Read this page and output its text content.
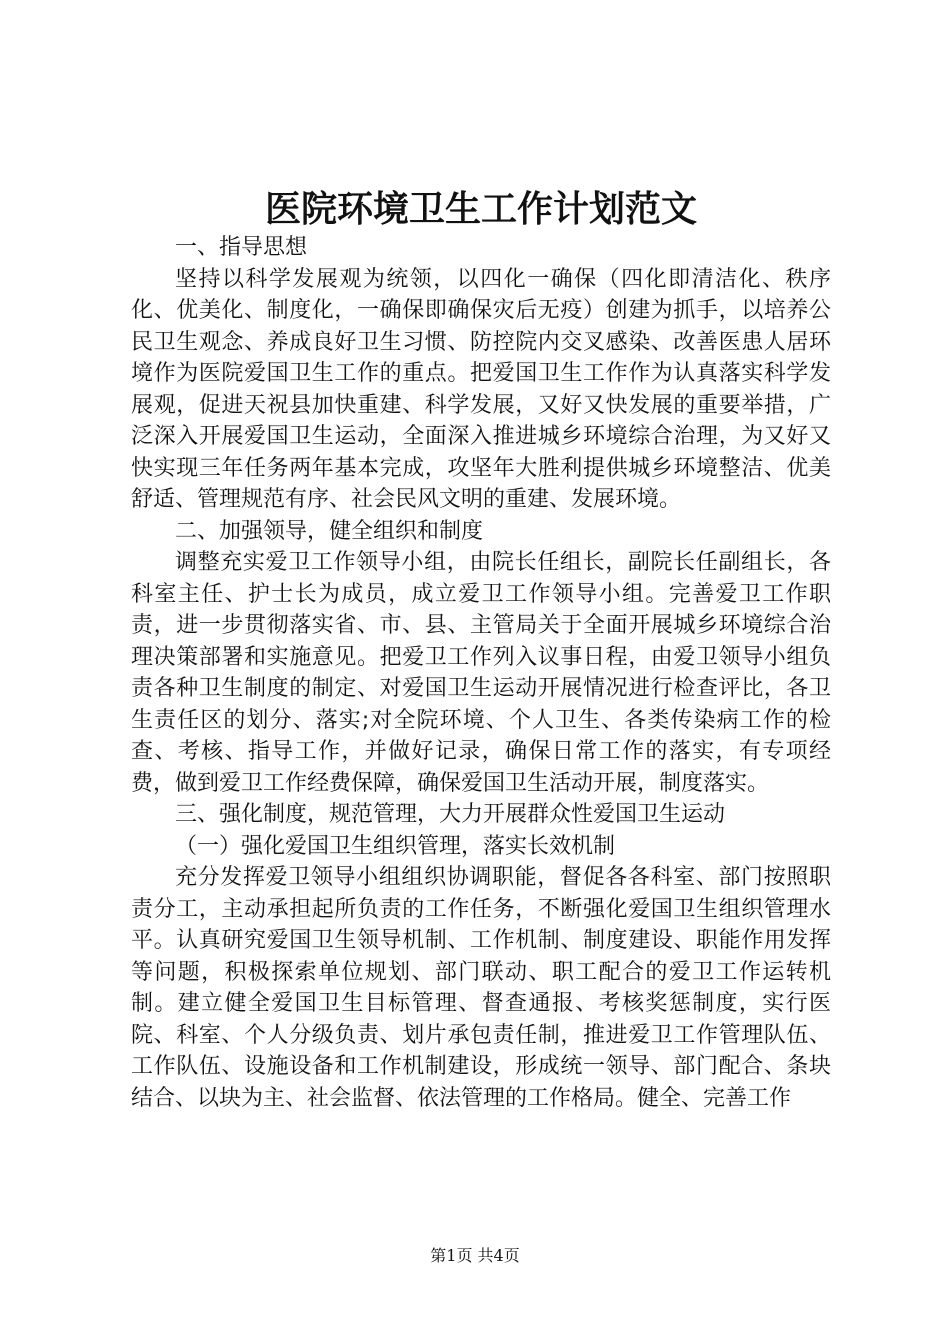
医院环境卫生工作计划范文

一、指导思想

坚持以科学发展观为统领，以四化一确保（四化即清洁化、秩序化、优美化、制度化，一确保即确保灾后无疫）创建为抓手，以培养公民卫生观念、养成良好卫生习惯、防控院内交叉感染、改善医患人居环境作为医院爱国卫生工作的重点。把爱国卫生工作作为认真落实科学发展观，促进天祝县加快重建、科学发展，又好又快发展的重要举措，广泛深入开展爱国卫生运动，全面深入推进城乡环境综合治理，为又好又快实现三年任务两年基本完成，攻坚年大胜利提供城乡环境整洁、优美舒适、管理规范有序、社会民风文明的重建、发展环境。

二、加强领导，健全组织和制度

调整充实爱卫工作领导小组，由院长任组长，副院长任副组长，各科室主任、护士长为成员，成立爱卫工作领导小组。完善爱卫工作职责，进一步贯彻落实省、市、县、主管局关于全面开展城乡环境综合治理决策部署和实施意见。把爱卫工作列入议事日程，由爱卫领导小组负责各种卫生制度的制定、对爱国卫生运动开展情况进行检查评比，各卫生责任区的划分、落实;对全院环境、个人卫生、各类传染病工作的检查、考核、指导工作，并做好记录，确保日常工作的落实，有专项经费，做到爱卫工作经费保障，确保爱国卫生活动开展，制度落实。

三、强化制度，规范管理，大力开展群众性爱国卫生运动

（一）强化爱国卫生组织管理，落实长效机制

充分发挥爱卫领导小组组织协调职能，督促各各科室、部门按照职责分工，主动承担起所负责的工作任务，不断强化爱国卫生组织管理水平。认真研究爱国卫生领导机制、工作机制、制度建设、职能作用发挥等问题，积极探索单位规划、部门联动、职工配合的爱卫工作运转机制。建立健全爱国卫生目标管理、督查通报、考核奖惩制度，实行医院、科室、个人分级负责、划片承包责任制，推进爱卫工作管理队伍、工作队伍、设施设备和工作机制建设，形成统一领导、部门配合、条块结合、以块为主、社会监督、依法管理的工作格局。健全、完善工作

第1页 共4页
